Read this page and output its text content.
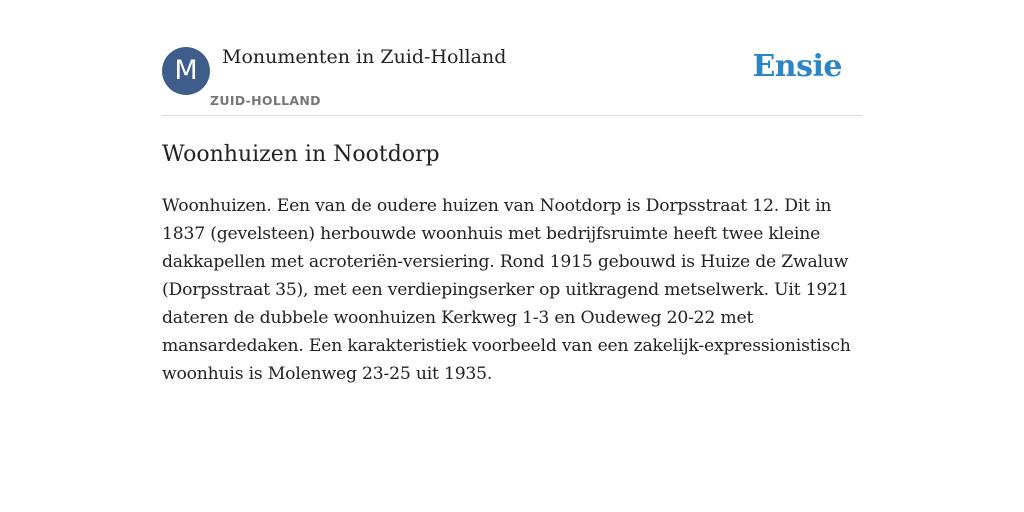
M	Monumenten in Zuid-Holland
ZUID-HOLLAND
Ensie
Woonhuizen in Nootdorp

Woonhuizen. Een van de oudere huizen van Nootdorp is Dorpsstraat 12. Dit in 1837 (gevelsteen) herbouwde woonhuis met bedrijfsruimte heeft twee kleine dakkapellen met acroteriën-versiering. Rond 1915 gebouwd is Huize de Zwaluw (Dorpsstraat 35), met een verdiepingserker op uitkragend metselwerk. Uit 1921 dateren de dubbele woonhuizen Kerkweg 1-3 en Oudeweg 20-22 met mansardedaken. Een karakteristiek voorbeeld van een zakelijk-expressionistisch woonhuis is Molenweg 23-25 uit 1935.
